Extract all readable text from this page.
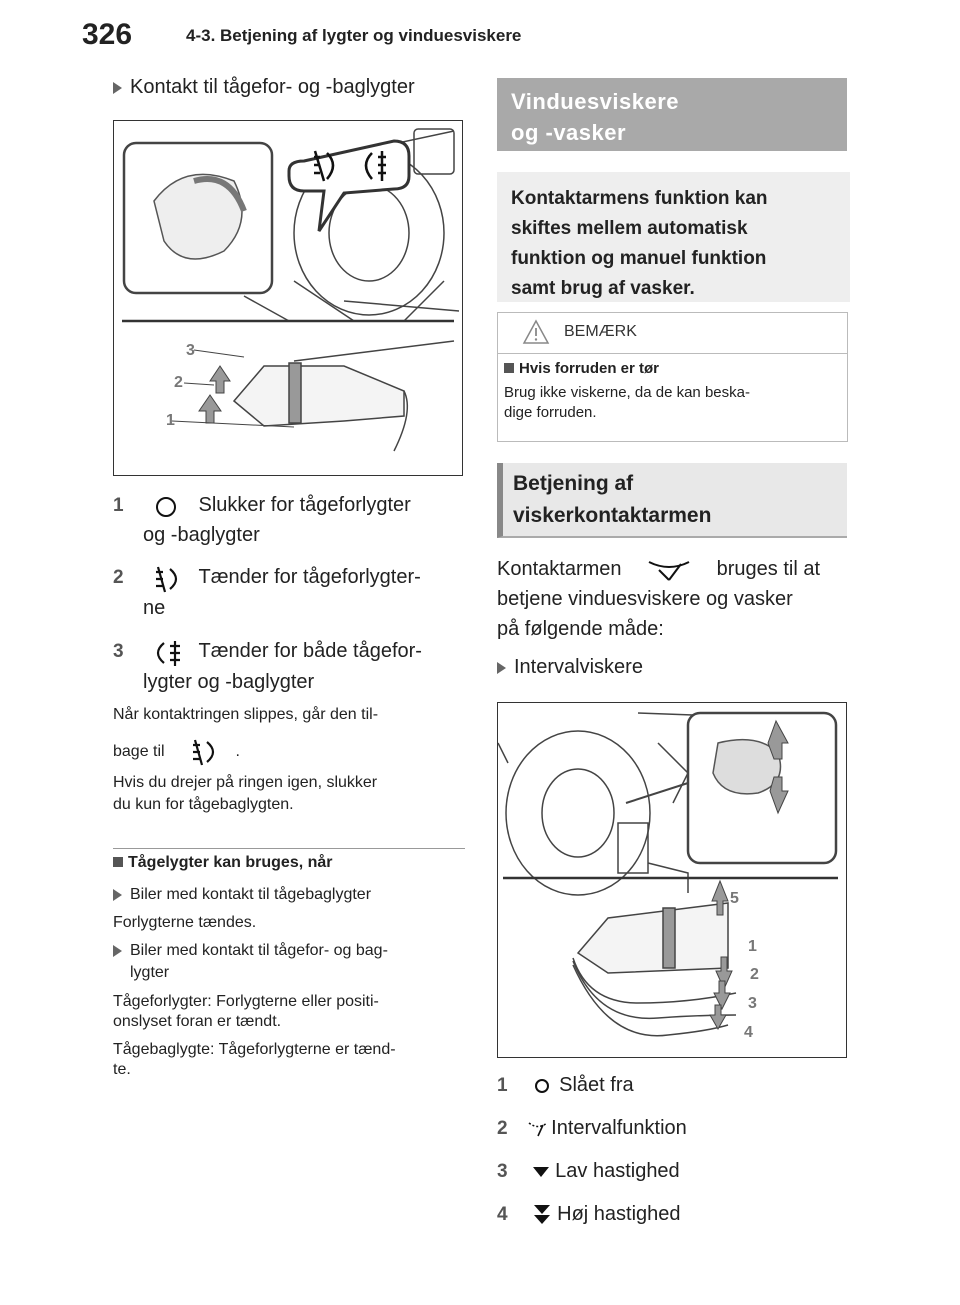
326	4-3. Betjening af lygter og vinduesviskere
Kontakt til tågefor- og -baglygter
3
2
1
1	Slukker for tågeforlygter
og -baglygter
2	Tænder for tågeforlygter-
ne
3	Tænder for både tågefor-
lygter og -baglygter
Når kontaktringen slippes, går den til-
bage til	.
Hvis du drejer på ringen igen, slukker
du kun for tågebaglygten.
Tågelygter kan bruges, når
Biler med kontakt til tågebaglygter
Forlygterne tændes.
Biler med kontakt til tågefor- og bag-
lygter
Tågeforlygter: Forlygterne eller positi-
onslyset foran er tændt.
Tågebaglygte: Tågeforlygterne er tænd-
te.
Vinduesviskere
og -vasker
Kontaktarmens funktion kan
skiftes mellem automatisk
funktion og manuel funktion
samt brug af vasker.
BEMÆRK
Hvis forruden er tør
Brug ikke viskerne, da de kan beska-
dige forruden.
Betjening af
viskerkontaktarmen
Kontaktarmen	bruges til at
betjene vinduesviskere og vasker
på følgende måde:
Intervalviskere
5
1
2
3
4
1	Slået fra
2 Intervalfunktion
3 Lav hastighed
4 Høj hastighed
